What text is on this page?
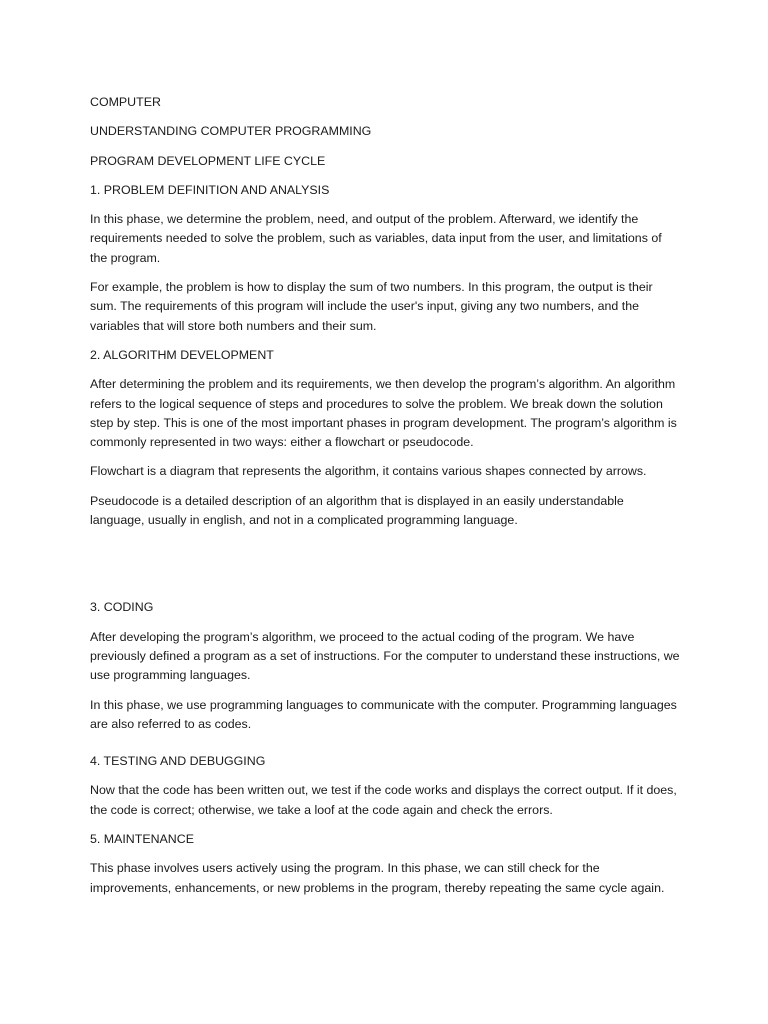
COMPUTER
UNDERSTANDING COMPUTER PROGRAMMING
PROGRAM DEVELOPMENT LIFE CYCLE
1. PROBLEM DEFINITION AND ANALYSIS
In this phase, we determine the problem, need, and output of the problem. Afterward, we identify the requirements needed to solve the problem, such as variables, data input from the user, and limitations of the program.
For example, the problem is how to display the sum of two numbers. In this program, the output is their sum. The requirements of this program will include the user's input, giving any two numbers, and the variables that will store both numbers and their sum.
2. ALGORITHM DEVELOPMENT
After determining the problem and its requirements, we then develop the program’s algorithm. An algorithm refers to the logical sequence of steps and procedures to solve the problem. We break down the solution step by step. This is one of the most important phases in program development. The program’s algorithm is commonly represented in two ways: either a flowchart or pseudocode.
Flowchart is a diagram that represents the algorithm, it contains various shapes connected by arrows.
Pseudocode is a detailed description of an algorithm that is displayed in an easily understandable language, usually in english, and not in a complicated programming language.
3. CODING
After developing the program’s algorithm, we proceed to the actual coding of the program. We have previously defined a program as a set of instructions. For the computer to understand these instructions, we use programming languages.
In this phase, we use programming languages to communicate with the computer. Programming languages are also referred to as codes.
4. TESTING AND DEBUGGING
Now that the code has been written out, we test if the code works and displays the correct output. If it does, the code is correct; otherwise, we take a loof at the code again and check the errors.
5. MAINTENANCE
This phase involves users actively using the program. In this phase, we can still check for the improvements, enhancements, or new problems in the program, thereby repeating the same cycle again.
